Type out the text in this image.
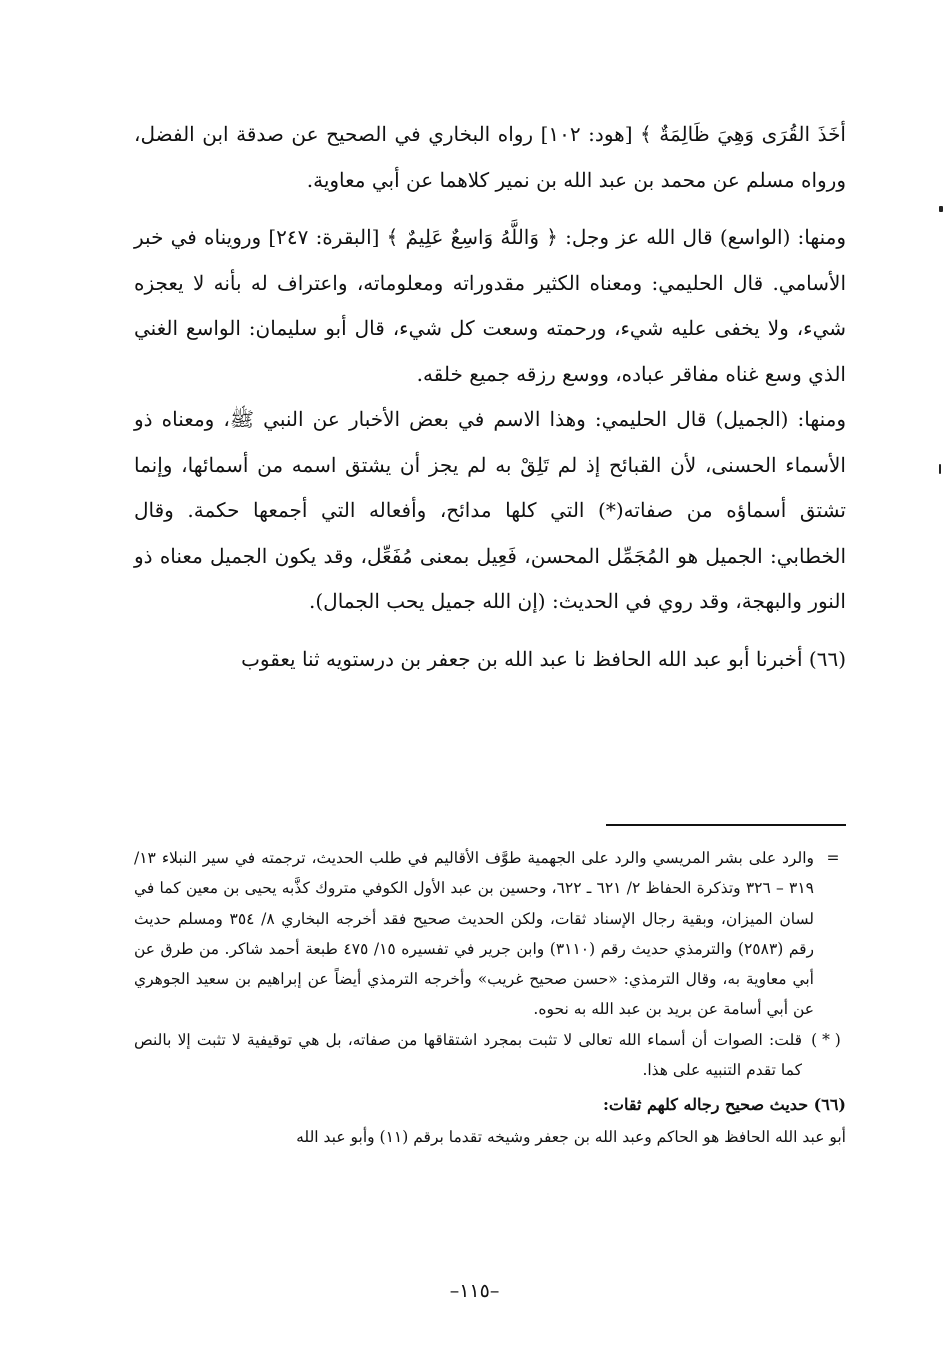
أخَذَ القُرَى وَهِيَ ظَالِمَةٌ ﴾ [هود: ١٠٢] رواه البخاري في الصحيح عن صدقة ابن الفضل، ورواه مسلم عن محمد بن عبد الله بن نمير كلاهما عن أبي معاوية.

ومنها: (الواسع) قال الله عز وجل: ﴿ وَاللَّهُ وَاسِعٌ عَلِيمٌ ﴾ [البقرة: ٢٤٧] ورويناه في خبر الأسامي. قال الحليمي: ومعناه الكثير مقدوراته ومعلوماته، واعتراف له بأنه لا يعجزه شيء، ولا يخفى عليه شيء، ورحمته وسعت كل شيء، قال أبو سليمان: الواسع الغني الذي وسع غناه مفاقر عباده، ووسع رزقه جميع خلقه.

ومنها: (الجميل) قال الحليمي: وهذا الاسم في بعض الأخبار عن النبي ﷺ، ومعناه ذو الأسماء الحسنى، لأن القبائح إذ لم تَلِقْ به لم يجز أن يشتق اسمه من أسمائها، وإنما تشتق أسماؤه من صفاته(*) التي كلها مدائح، وأفعاله التي أجمعها حكمة. وقال الخطابي: الجميل هو المُجَمِّل المحسن، فَعِيل بمعنى مُفَعِّل، وقد يكون الجميل معناه ذو النور والبهجة، وقد روي في الحديث: (إن الله جميل يحب الجمال).

(٦٦) أخبرنا أبو عبد الله الحافظ نا عبد الله بن جعفر بن درستويه ثنا يعقوب

=
والرد على بشر المريسي والرد على الجهمية طوَّف الأقاليم في طلب الحديث، ترجمته في سير النبلاء ١٣/ ٣١٩ – ٣٢٦ وتذكرة الحفاظ ٢/ ٦٢١ ـ ٦٢٢، وحسين بن عبد الأول الكوفي متروك كذَّبه يحيى بن معين كما في لسان الميزان، وبقية رجال الإسناد ثقات، ولكن الحديث صحيح فقد أخرجه البخاري ٨/ ٣٥٤ ومسلم حديث رقم (٢٥٨٣) والترمذي حديث رقم (٣١١٠) وابن جرير في تفسيره ١٥/ ٤٧٥ طبعة أحمد شاكر. من طرق عن أبي معاوية به، وقال الترمذي: «حسن صحيح غريب» وأخرجه الترمذي أيضاً عن إبراهيم بن سعيد الجوهري عن أبي أسامة عن بريد بن عبد الله به نحوه.

( * )
قلت: الصوات أن أسماء الله تعالى لا تثبت بمجرد اشتقاقها من صفاته، بل هي توقيفية لا تثبت إلا بالنص كما تقدم التنبيه على هذا.

(٦٦) حديث صحيح رجاله كلهم ثقات:

أبو عبد الله الحافظ هو الحاكم وعبد الله بن جعفر وشيخه تقدما برقم (١١) وأبو عبد الله

–١١٥–
